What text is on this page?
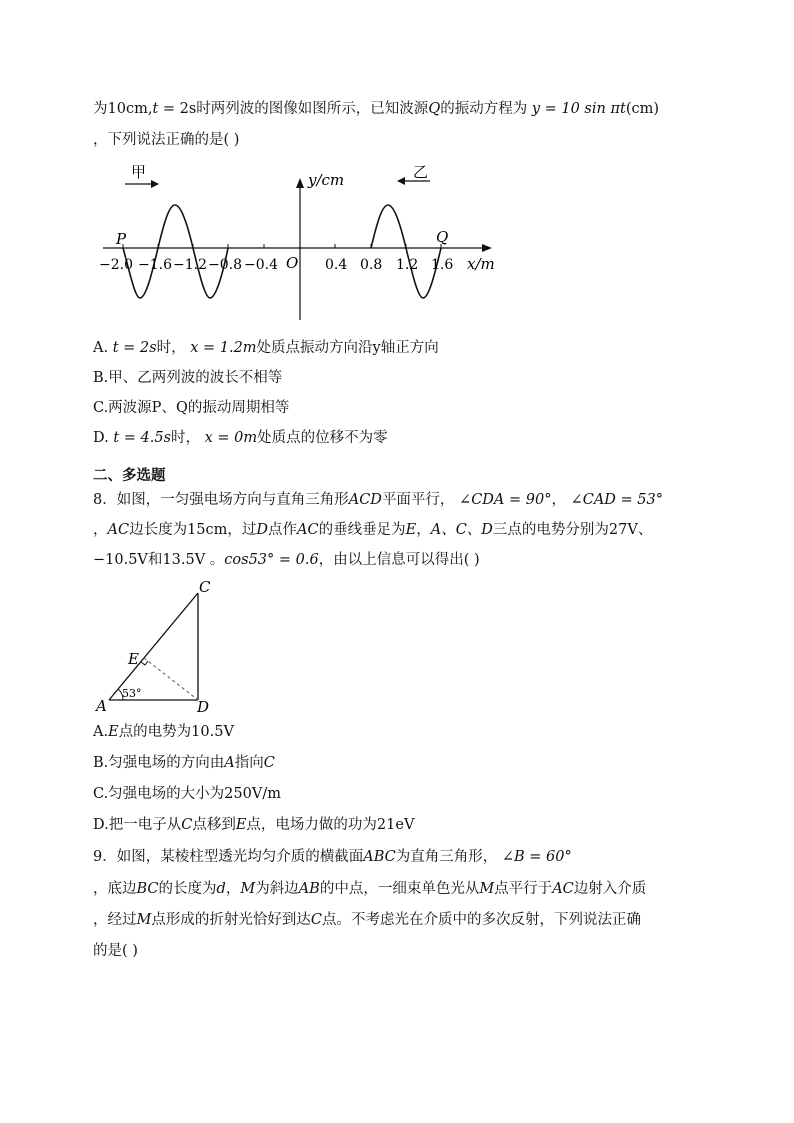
为10cm,t = 2s时两列波的图像如图所示，已知波源Q的振动方程为 y = 10 sin πt(cm)
，下列说法正确的是( )
甲	乙
y/cm
x/m
O
P	Q
−2.0 −1.6 −1.2 −0.8 −0.4	0.4 0.8 1.2 1.6
A. t = 2s时， x = 1.2m处质点振动方向沿y轴正方向
B.甲、乙两列波的波长不相等
C.两波源P、Q的振动周期相等
D. t = 4.5s时， x = 0m处质点的位移不为零
二、多选题
8．如图，一匀强电场方向与直角三角形ACD平面平行， ∠CDA = 90°， ∠CAD = 53°
，AC边长度为15cm，过D点作AC的垂线垂足为E，A、C、D三点的电势分别为27V、
−10.5V和13.5V 。cos53° = 0.6，由以上信息可以得出( )
53°
C
E
A	D
A.E点的电势为10.5V
B.匀强电场的方向由A指向C
C.匀强电场的大小为250V/m
D.把一电子从C点移到E点，电场力做的功为21eV
9．如图，某棱柱型透光均匀介质的横截面ABC为直角三角形， ∠B = 60°
，底边BC的长度为d，M为斜边AB的中点，一细束单色光从M点平行于AC边射入介质
，经过M点形成的折射光恰好到达C点。不考虑光在介质中的多次反射，下列说法正确
的是( )
